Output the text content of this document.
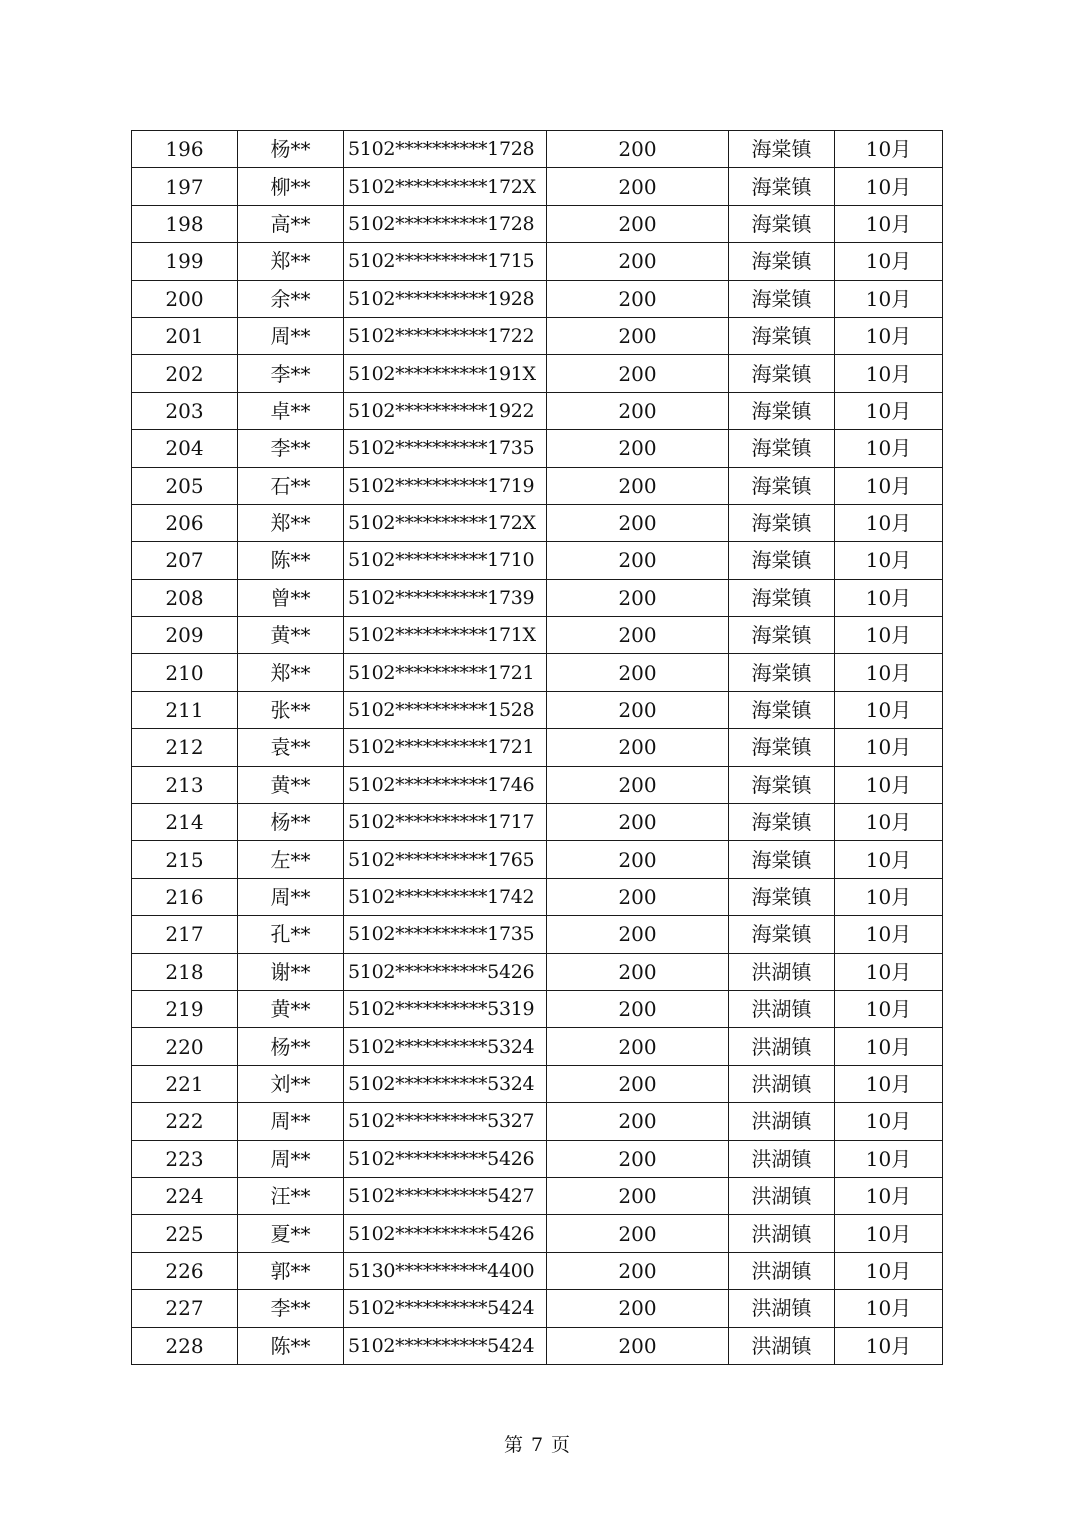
196	杨**	5102**********1728	200	海棠镇	10月
197	柳**	5102**********172X	200	海棠镇	10月
198	高**	5102**********1728	200	海棠镇	10月
199	郑**	5102**********1715	200	海棠镇	10月
200	余**	5102**********1928	200	海棠镇	10月
201	周**	5102**********1722	200	海棠镇	10月
202	李**	5102**********191X	200	海棠镇	10月
203	卓**	5102**********1922	200	海棠镇	10月
204	李**	5102**********1735	200	海棠镇	10月
205	石**	5102**********1719	200	海棠镇	10月
206	郑**	5102**********172X	200	海棠镇	10月
207	陈**	5102**********1710	200	海棠镇	10月
208	曾**	5102**********1739	200	海棠镇	10月
209	黄**	5102**********171X	200	海棠镇	10月
210	郑**	5102**********1721	200	海棠镇	10月
211	张**	5102**********1528	200	海棠镇	10月
212	袁**	5102**********1721	200	海棠镇	10月
213	黄**	5102**********1746	200	海棠镇	10月
214	杨**	5102**********1717	200	海棠镇	10月
215	左**	5102**********1765	200	海棠镇	10月
216	周**	5102**********1742	200	海棠镇	10月
217	孔**	5102**********1735	200	海棠镇	10月
218	谢**	5102**********5426	200	洪湖镇	10月
219	黄**	5102**********5319	200	洪湖镇	10月
220	杨**	5102**********5324	200	洪湖镇	10月
221	刘**	5102**********5324	200	洪湖镇	10月
222	周**	5102**********5327	200	洪湖镇	10月
223	周**	5102**********5426	200	洪湖镇	10月
224	汪**	5102**********5427	200	洪湖镇	10月
225	夏**	5102**********5426	200	洪湖镇	10月
226	郭**	5130**********4400	200	洪湖镇	10月
227	李**	5102**********5424	200	洪湖镇	10月
228	陈**	5102**********5424	200	洪湖镇	10月
第 7 页
